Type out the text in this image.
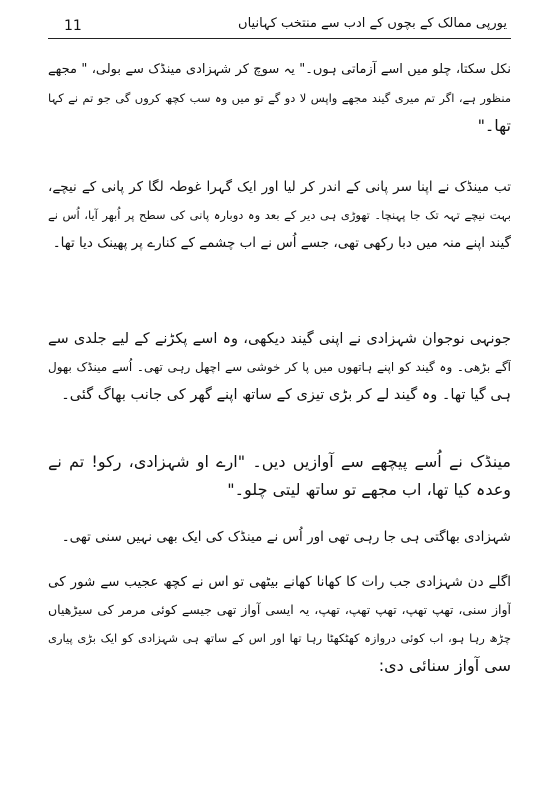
11	یورپی ممالک کے بچوں کے ادب سے منتخب کہانیاں
نکل سکتا، چلو میں اسے آزماتی ہوں۔" یہ سوچ کر شہزادی مینڈک سے بولی، " مجھے
منظور ہے، اگر تم میری گیند مجھے واپس لا دو گے تو میں وہ سب کچھ کروں گی جو تم نے کہا
تھا۔"
تب مینڈک نے اپنا سر پانی کے اندر کر لیا اور ایک گہرا غوطہ لگا کر پانی کے نیچے،
بہت نیچے تہہ تک جا پہنچا۔ تھوڑی ہی دیر کے بعد وہ دوبارہ پانی کی سطح پر اُبھر آیا، اُس نے
گیند اپنے منہ میں دبا رکھی تھی، جسے اُس نے اب چشمے کے کنارے پر پھینک دیا تھا۔
جونہی نوجوان شہزادی نے اپنی گیند دیکھی، وہ اسے پکڑنے کے لیے جلدی سے
آگے بڑھی۔ وہ گیند کو اپنے ہاتھوں میں پا کر خوشی سے اچھل رہی تھی۔ اُسے مینڈک بھول
ہی گیا تھا۔ وہ گیند لے کر بڑی تیزی کے ساتھ اپنے گھر کی جانب بھاگ گئی۔
مینڈک نے اُسے پیچھے سے آوازیں دیں۔ "ارے او شہزادی، رکو! تم نے
وعدہ کیا تھا، اب مجھے تو ساتھ لیتی چلو۔"
شہزادی بھاگتی ہی جا رہی تھی اور اُس نے مینڈک کی ایک بھی نہیں سنی تھی۔
اگلے دن شہزادی جب رات کا کھانا کھانے بیٹھی تو اس نے کچھ عجیب سے شور کی
آواز سنی، تھپ تھپ، تھپ تھپ، تھپ، یہ ایسی آواز تھی جیسے کوئی مرمر کی سیڑھیاں
چڑھ رہا ہو، اب کوئی دروازہ کھٹکھٹا رہا تھا اور اس کے ساتھ ہی شہزادی کو ایک بڑی پیاری
سی آواز سنائی دی:
